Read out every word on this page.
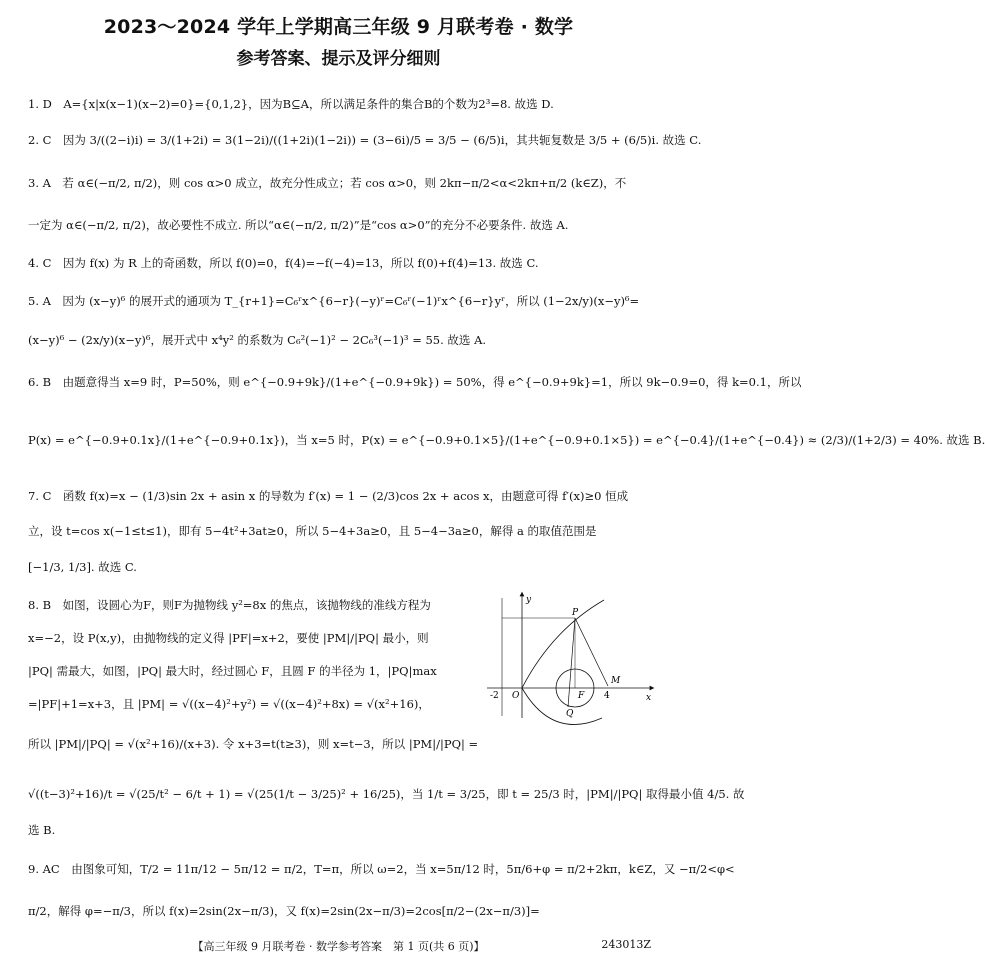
2023～2024 学年上学期高三年级 9 月联考卷 · 数学
参考答案、提示及评分细则
1. D　A={x|x(x−1)(x−2)=0}={0,1,2}，因为B⊆A，所以满足条件的集合B的个数为2³=8. 故选 D.
2. C　因为 3/((2−i)i) = 3/(1+2i) = 3(1−2i)/((1+2i)(1−2i)) = (3−6i)/5 = 3/5 − (6/5)i，其共轭复数是 3/5 + (6/5)i. 故选 C.
3. A　若 α∈(−π/2, π/2)，则 cos α>0 成立，故充分性成立；若 cos α>0，则 2kπ−π/2<α<2kπ+π/2 (k∈Z)，不
一定为 α∈(−π/2, π/2)，故必要性不成立. 所以“α∈(−π/2, π/2)”是“cos α>0”的充分不必要条件. 故选 A.
4. C　因为 f(x) 为 R 上的奇函数，所以 f(0)=0，f(4)=−f(−4)=13，所以 f(0)+f(4)=13. 故选 C.
5. A　因为 (x−y)⁶ 的展开式的通项为 T_{r+1}=C₆ʳx^{6−r}(−y)ʳ=C₆ʳ(−1)ʳx^{6−r}yʳ，所以 (1−2x/y)(x−y)⁶=
(x−y)⁶ − (2x/y)(x−y)⁶，展开式中 x⁴y² 的系数为 C₆²(−1)² − 2C₆³(−1)³ = 55. 故选 A.
6. B　由题意得当 x=9 时，P=50%，则 e^{−0.9+9k}/(1+e^{−0.9+9k}) = 50%，得 e^{−0.9+9k}=1，所以 9k−0.9=0，得 k=0.1，所以
P(x) = e^{−0.9+0.1x}/(1+e^{−0.9+0.1x})，当 x=5 时，P(x) = e^{−0.9+0.1×5}/(1+e^{−0.9+0.1×5}) = e^{−0.4}/(1+e^{−0.4}) ≈ (2/3)/(1+2/3) = 40%. 故选 B.
7. C　函数 f(x)=x − (1/3)sin 2x + asin x 的导数为 f′(x) = 1 − (2/3)cos 2x + acos x，由题意可得 f′(x)≥0 恒成
立，设 t=cos x(−1≤t≤1)，即有 5−4t²+3at≥0，所以 5−4+3a≥0，且 5−4−3a≥0，解得 a 的取值范围是
[−1/3, 1/3]. 故选 C.
8. B　如图，设圆心为F，则F为抛物线 y²=8x 的焦点，该抛物线的准线方程为
x=−2，设 P(x,y)，由抛物线的定义得 |PF|=x+2，要使 |PM|/|PQ| 最小，则
|PQ| 需最大，如图，|PQ| 最大时，经过圆心 F，且圆 F 的半径为 1，|PQ|max
=|PF|+1=x+3，且 |PM| = √((x−4)²+y²) = √((x−4)²+8x) = √(x²+16)，
所以 |PM|/|PQ| = √(x²+16)/(x+3). 令 x+3=t(t≥3)，则 x=t−3，所以 |PM|/|PQ| =
√((t−3)²+16)/t = √(25/t² − 6/t + 1) = √(25(1/t − 3/25)² + 16/25)，当 1/t = 3/25，即 t = 25/3 时，|PM|/|PQ| 取得最小值 4/5. 故
选 B.
9. AC　由图象可知，T/2 = 11π/12 − 5π/12 = π/2，T=π，所以 ω=2，当 x=5π/12 时，5π/6+φ = π/2+2kπ，k∈Z，又 −π/2<φ<
π/2，解得 φ=−π/3，所以 f(x)=2sin(2x−π/3)，又 f(x)=2sin(2x−π/3)=2cos[π/2−(2x−π/3)]=
y
x
P
M
O	F
Q
-2	4
【高三年级 9 月联考卷 · 数学参考答案　第 1 页(共 6 页)】	243013Z
